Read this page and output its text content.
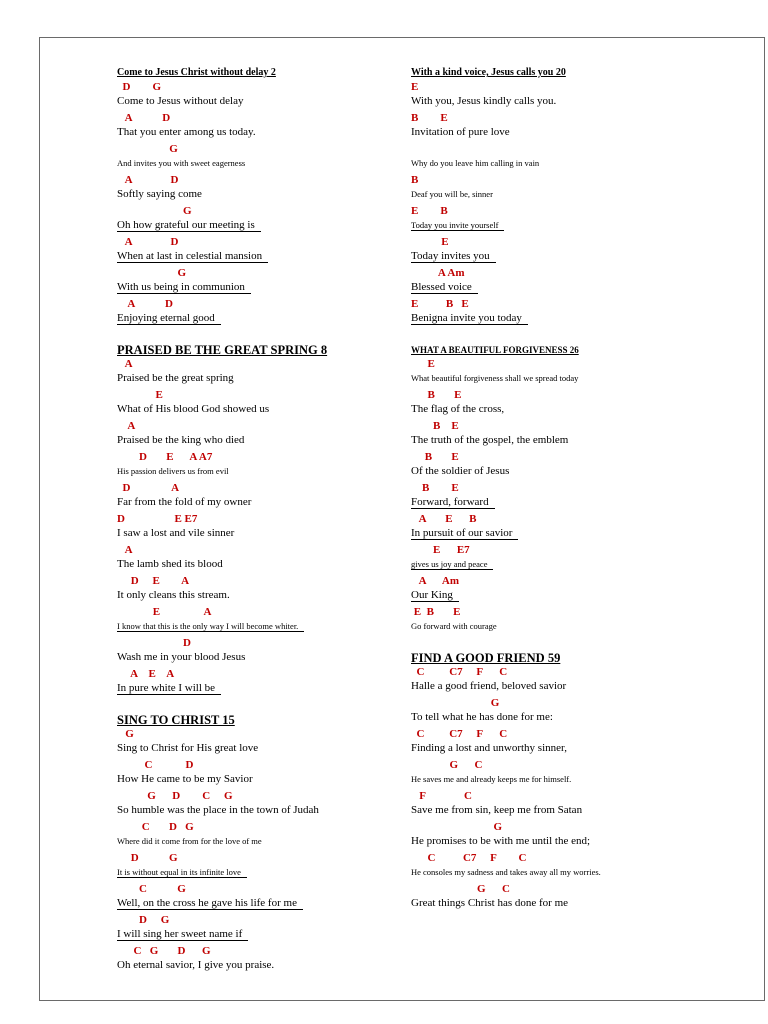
Come to Jesus Christ without delay 2
D        G
Come to Jesus without delay
A           D
That you enter among us today.
G
And invites you with sweet eagerness
A              D
Softly saying come
G
Oh how grateful our meeting is
A              D
When at last in celestial mansion
G
With us being in communion
A           D
Enjoying eternal good
PRAISED BE THE GREAT SPRING 8
A
Praised be the great spring
E
What of His blood God showed us
A
Praised be the king who died
D       E      A A7
His passion delivers us from evil
D               A
Far from the fold of my owner
D                  E E7
I saw a lost and vile sinner
A
The lamb shed its blood
D     E        A
It only cleans this stream.
E                A
I know that this is the only way I will become whiter.
D
Wash me in your blood Jesus
A    E    A
In pure white I will be
SING TO CHRIST 15
G
Sing to Christ for His great love
C            D
How He came to be my Savior
G      D        C     G
So humble was the place in the town of Judah
C       D   G
Where did it come from for the love of me
D           G
It is without equal in its infinite love
C           G
Well, on the cross he gave his life for me
D     G
I will sing her sweet name if
C   G       D      G
Oh eternal savior, I give you praise.
With a kind voice, Jesus calls you 20
E
With you, Jesus kindly calls you.
B        E
Invitation of pure love
Why do you leave him calling in vain
B
Deaf you will be, sinner
E        B
Today you invite yourself
E
Today invites you
A Am
Blessed voice
E          B   E
Benigna invite you today
WHAT A BEAUTIFUL FORGIVENESS 26
E
What beautiful forgiveness shall we spread today
B       E
The flag of the cross,
B    E
The truth of the gospel, the emblem
B       E
Of the soldier of Jesus
B        E
Forward, forward
A       E      B
In pursuit of our savior
E      E7
gives us joy and peace
A      Am
Our King
E  B       E
Go forward with courage
FIND A GOOD FRIEND 59
C         C7     F      C
Halle a good friend, beloved savior
G
To tell what he has done for me:
C         C7     F      C
Finding a lost and unworthy sinner,
G      C
He saves me and already keeps me for himself.
F              C
Save me from sin, keep me from Satan
G
He promises to be with me until the end;
C          C7     F        C
He consoles my sadness and takes away all my worries.
G      C
Great things Christ has done for me
